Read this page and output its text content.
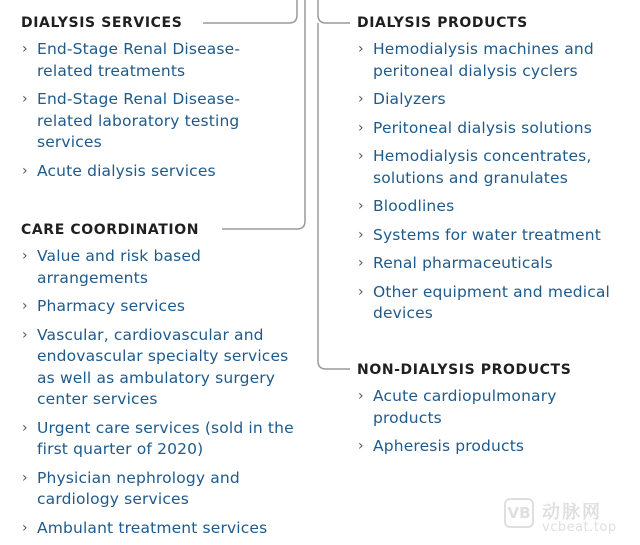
DIALYSIS SERVICES
› End-Stage Renal Disease-related treatments
› End-Stage Renal Disease-related laboratory testing services
› Acute dialysis services
CARE COORDINATION
› Value and risk based arrangements
› Pharmacy services
› Vascular, cardiovascular and endovascular specialty services as well as ambulatory surgery center services
› Urgent care services (sold in the first quarter of 2020)
› Physician nephrology and cardiology services
› Ambulant treatment services
DIALYSIS PRODUCTS
› Hemodialysis machines and peritoneal dialysis cyclers
› Dialyzers
› Peritoneal dialysis solutions
› Hemodialysis concentrates, solutions and granulates
› Bloodlines
› Systems for water treatment
› Renal pharmaceuticals
› Other equipment and medical devices
NON-DIALYSIS PRODUCTS
› Acute cardiopulmonary products
› Apheresis products
VB 动脉网
vcbeat.top
